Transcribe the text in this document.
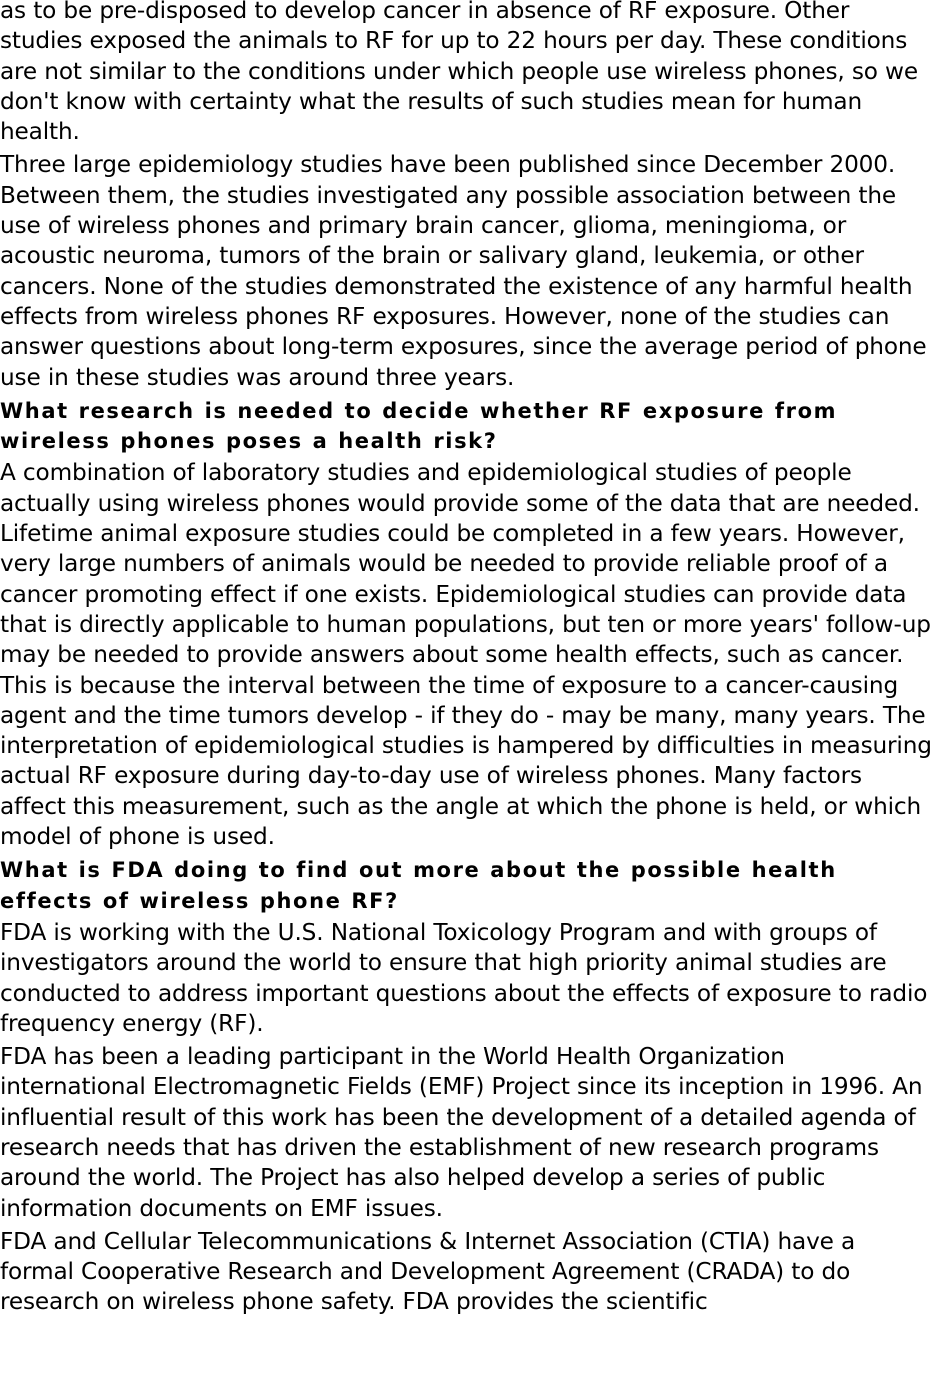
as to be pre-disposed to develop cancer in absence of RF exposure. Other studies exposed the animals to RF for up to 22 hours per day. These conditions are not similar to the conditions under which people use wireless phones, so we don't know with certainty what the results of such studies mean for human health.

Three large epidemiology studies have been published since December 2000. Between them, the studies investigated any possible association between the use of wireless phones and primary brain cancer, glioma, meningioma, or acoustic neuroma, tumors of the brain or salivary gland, leukemia, or other cancers. None of the studies demonstrated the existence of any harmful health effects from wireless phones RF exposures. However, none of the studies can answer questions about long-term exposures, since the average period of phone use in these studies was around three years.

What research is needed to decide whether RF exposure from wireless phones poses a health risk?

A combination of laboratory studies and epidemiological studies of people actually using wireless phones would provide some of the data that are needed. Lifetime animal exposure studies could be completed in a few years. However, very large numbers of animals would be needed to provide reliable proof of a cancer promoting effect if one exists. Epidemiological studies can provide data that is directly applicable to human populations, but ten or more years' follow-up may be needed to provide answers about some health effects, such as cancer. This is because the interval between the time of exposure to a cancer-causing agent and the time tumors develop - if they do - may be many, many years. The interpretation of epidemiological studies is hampered by difficulties in measuring actual RF exposure during day-to-day use of wireless phones. Many factors affect this measurement, such as the angle at which the phone is held, or which model of phone is used.

What is FDA doing to find out more about the possible health effects of wireless phone RF?

FDA is working with the U.S. National Toxicology Program and with groups of investigators around the world to ensure that high priority animal studies are conducted to address important questions about the effects of exposure to radio frequency energy (RF).

FDA has been a leading participant in the World Health Organization international Electromagnetic Fields (EMF) Project since its inception in 1996. An influential result of this work has been the development of a detailed agenda of research needs that has driven the establishment of new research programs around the world. The Project has also helped develop a series of public information documents on EMF issues.

FDA and Cellular Telecommunications & Internet Association (CTIA) have a formal Cooperative Research and Development Agreement (CRADA) to do research on wireless phone safety. FDA provides the scientific
